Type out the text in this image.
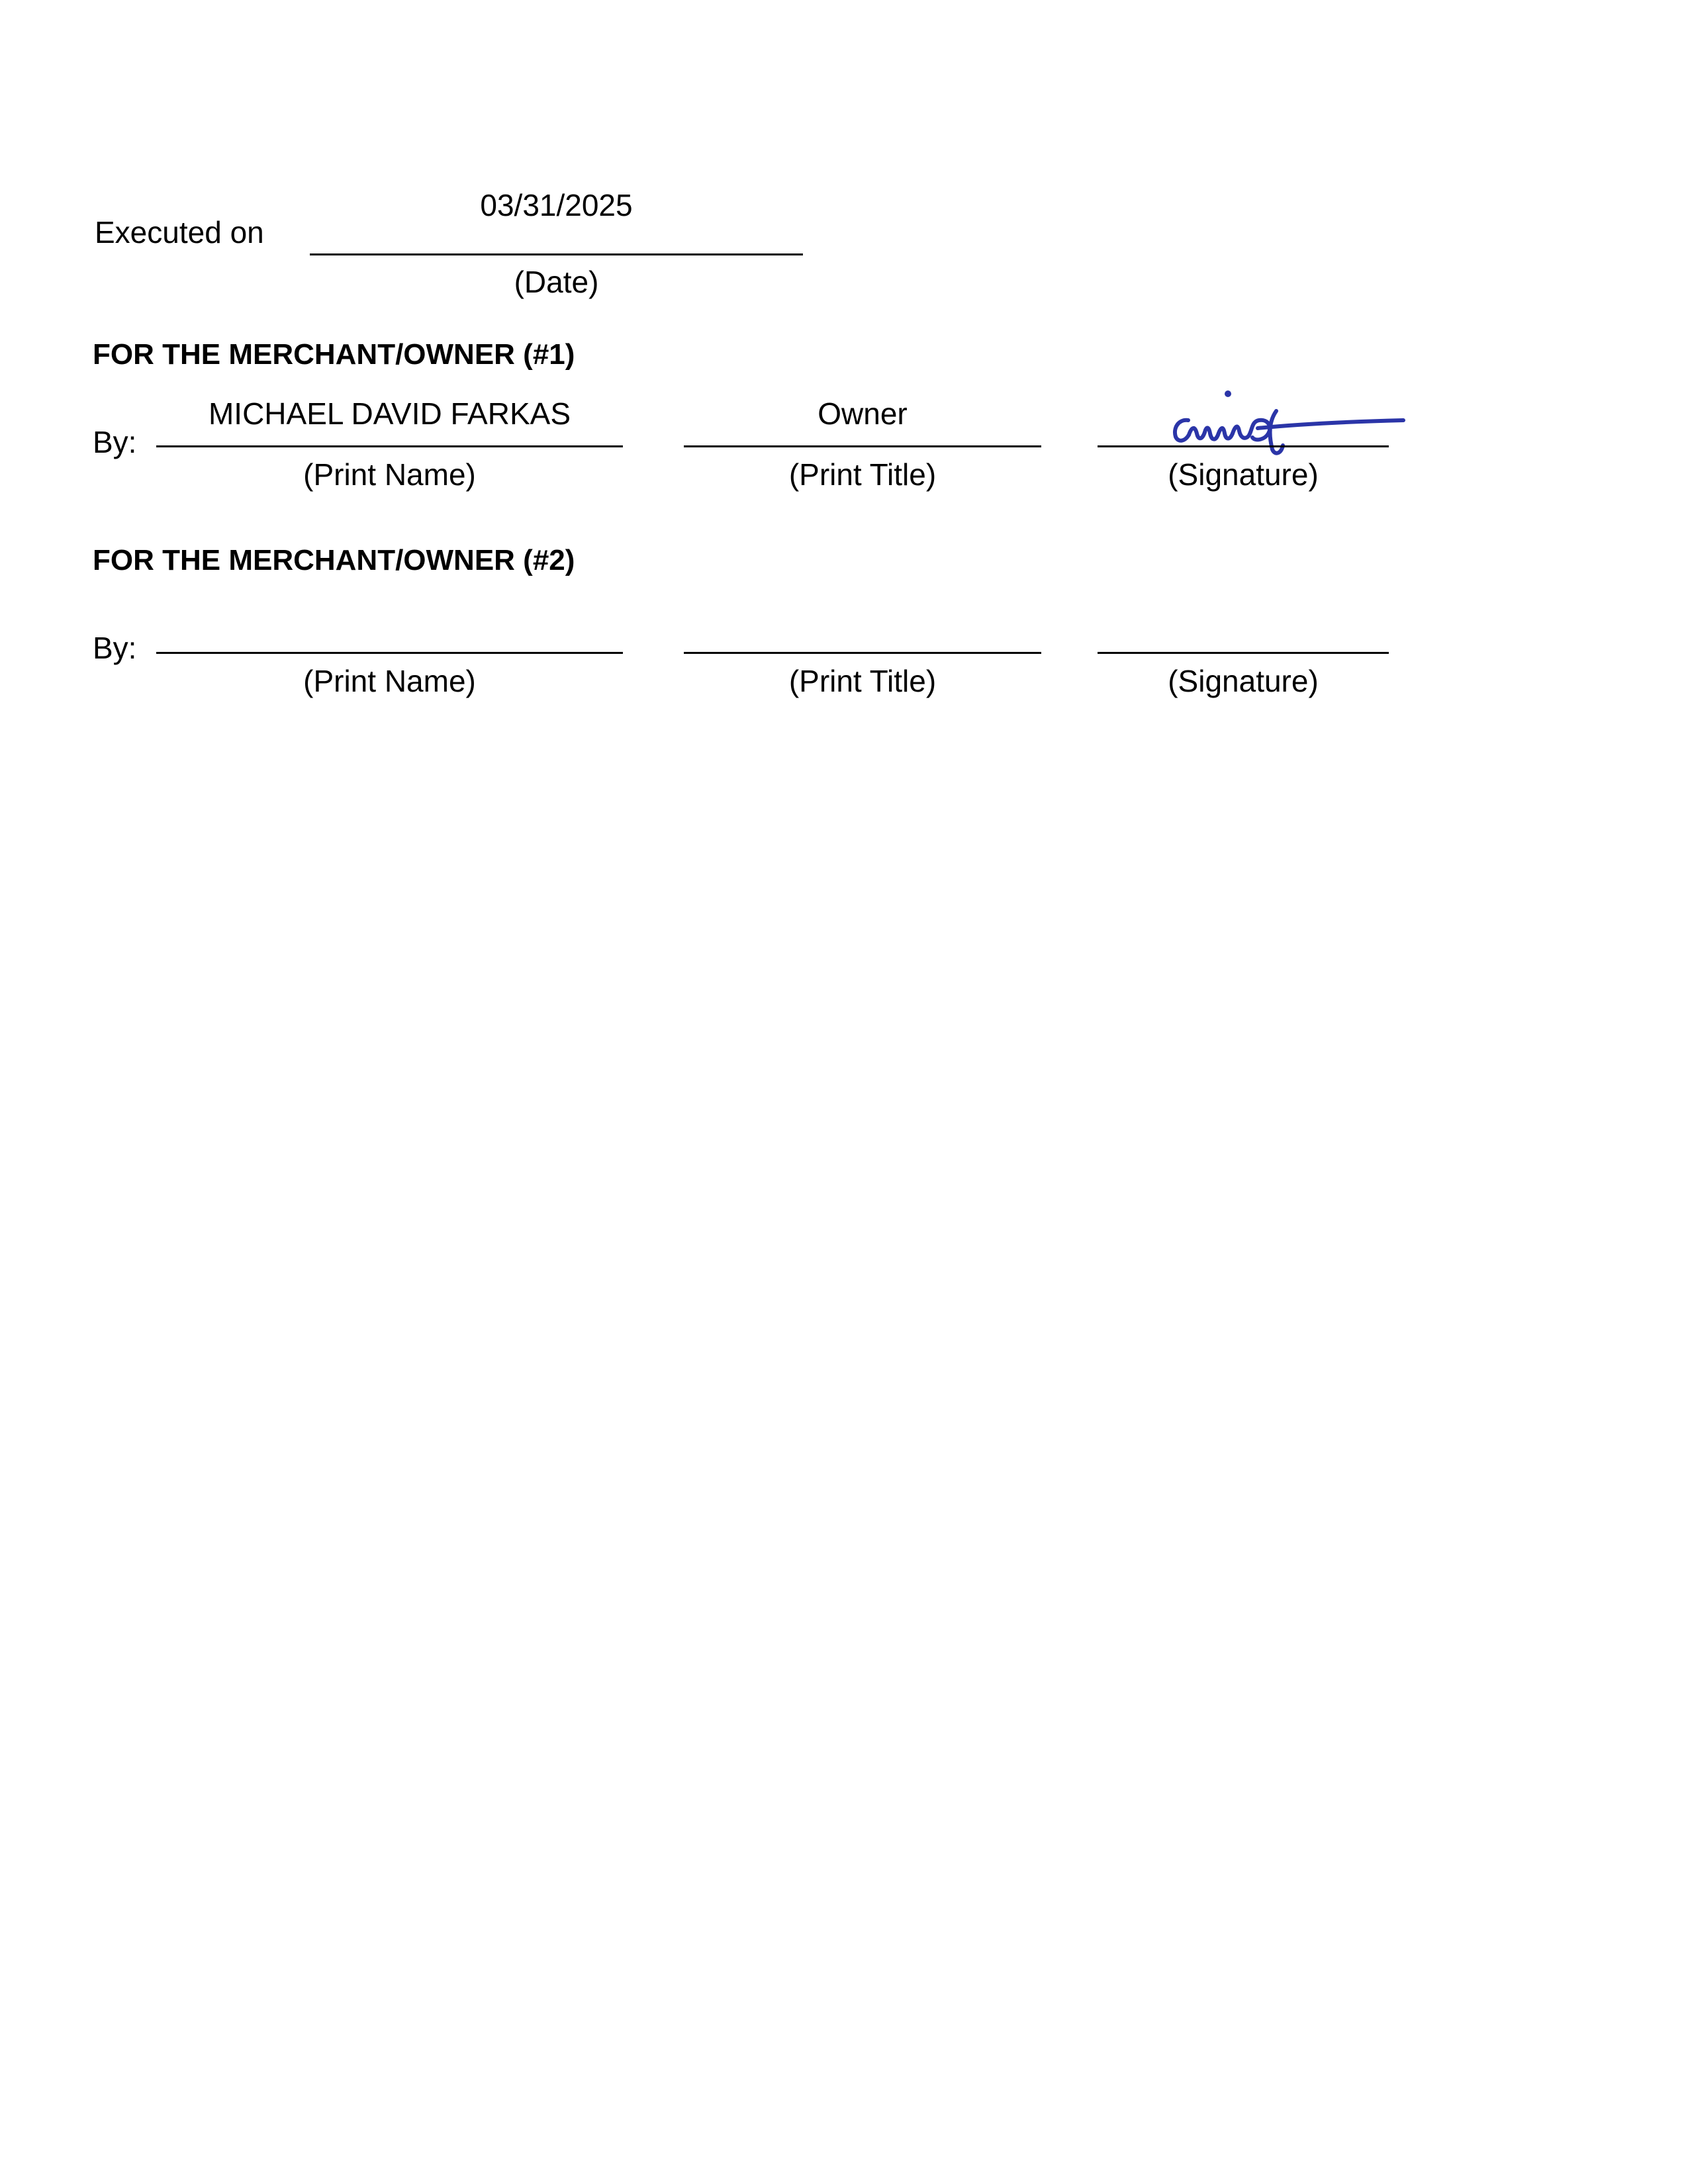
Executed on
03/31/2025
(Date)
FOR THE MERCHANT/OWNER (#1)
By:
MICHAEL DAVID FARKAS
(Print Name)
Owner
(Print Title)	(Signature)
FOR THE MERCHANT/OWNER (#2)
By:
(Print Name)	(Print Title)	(Signature)
